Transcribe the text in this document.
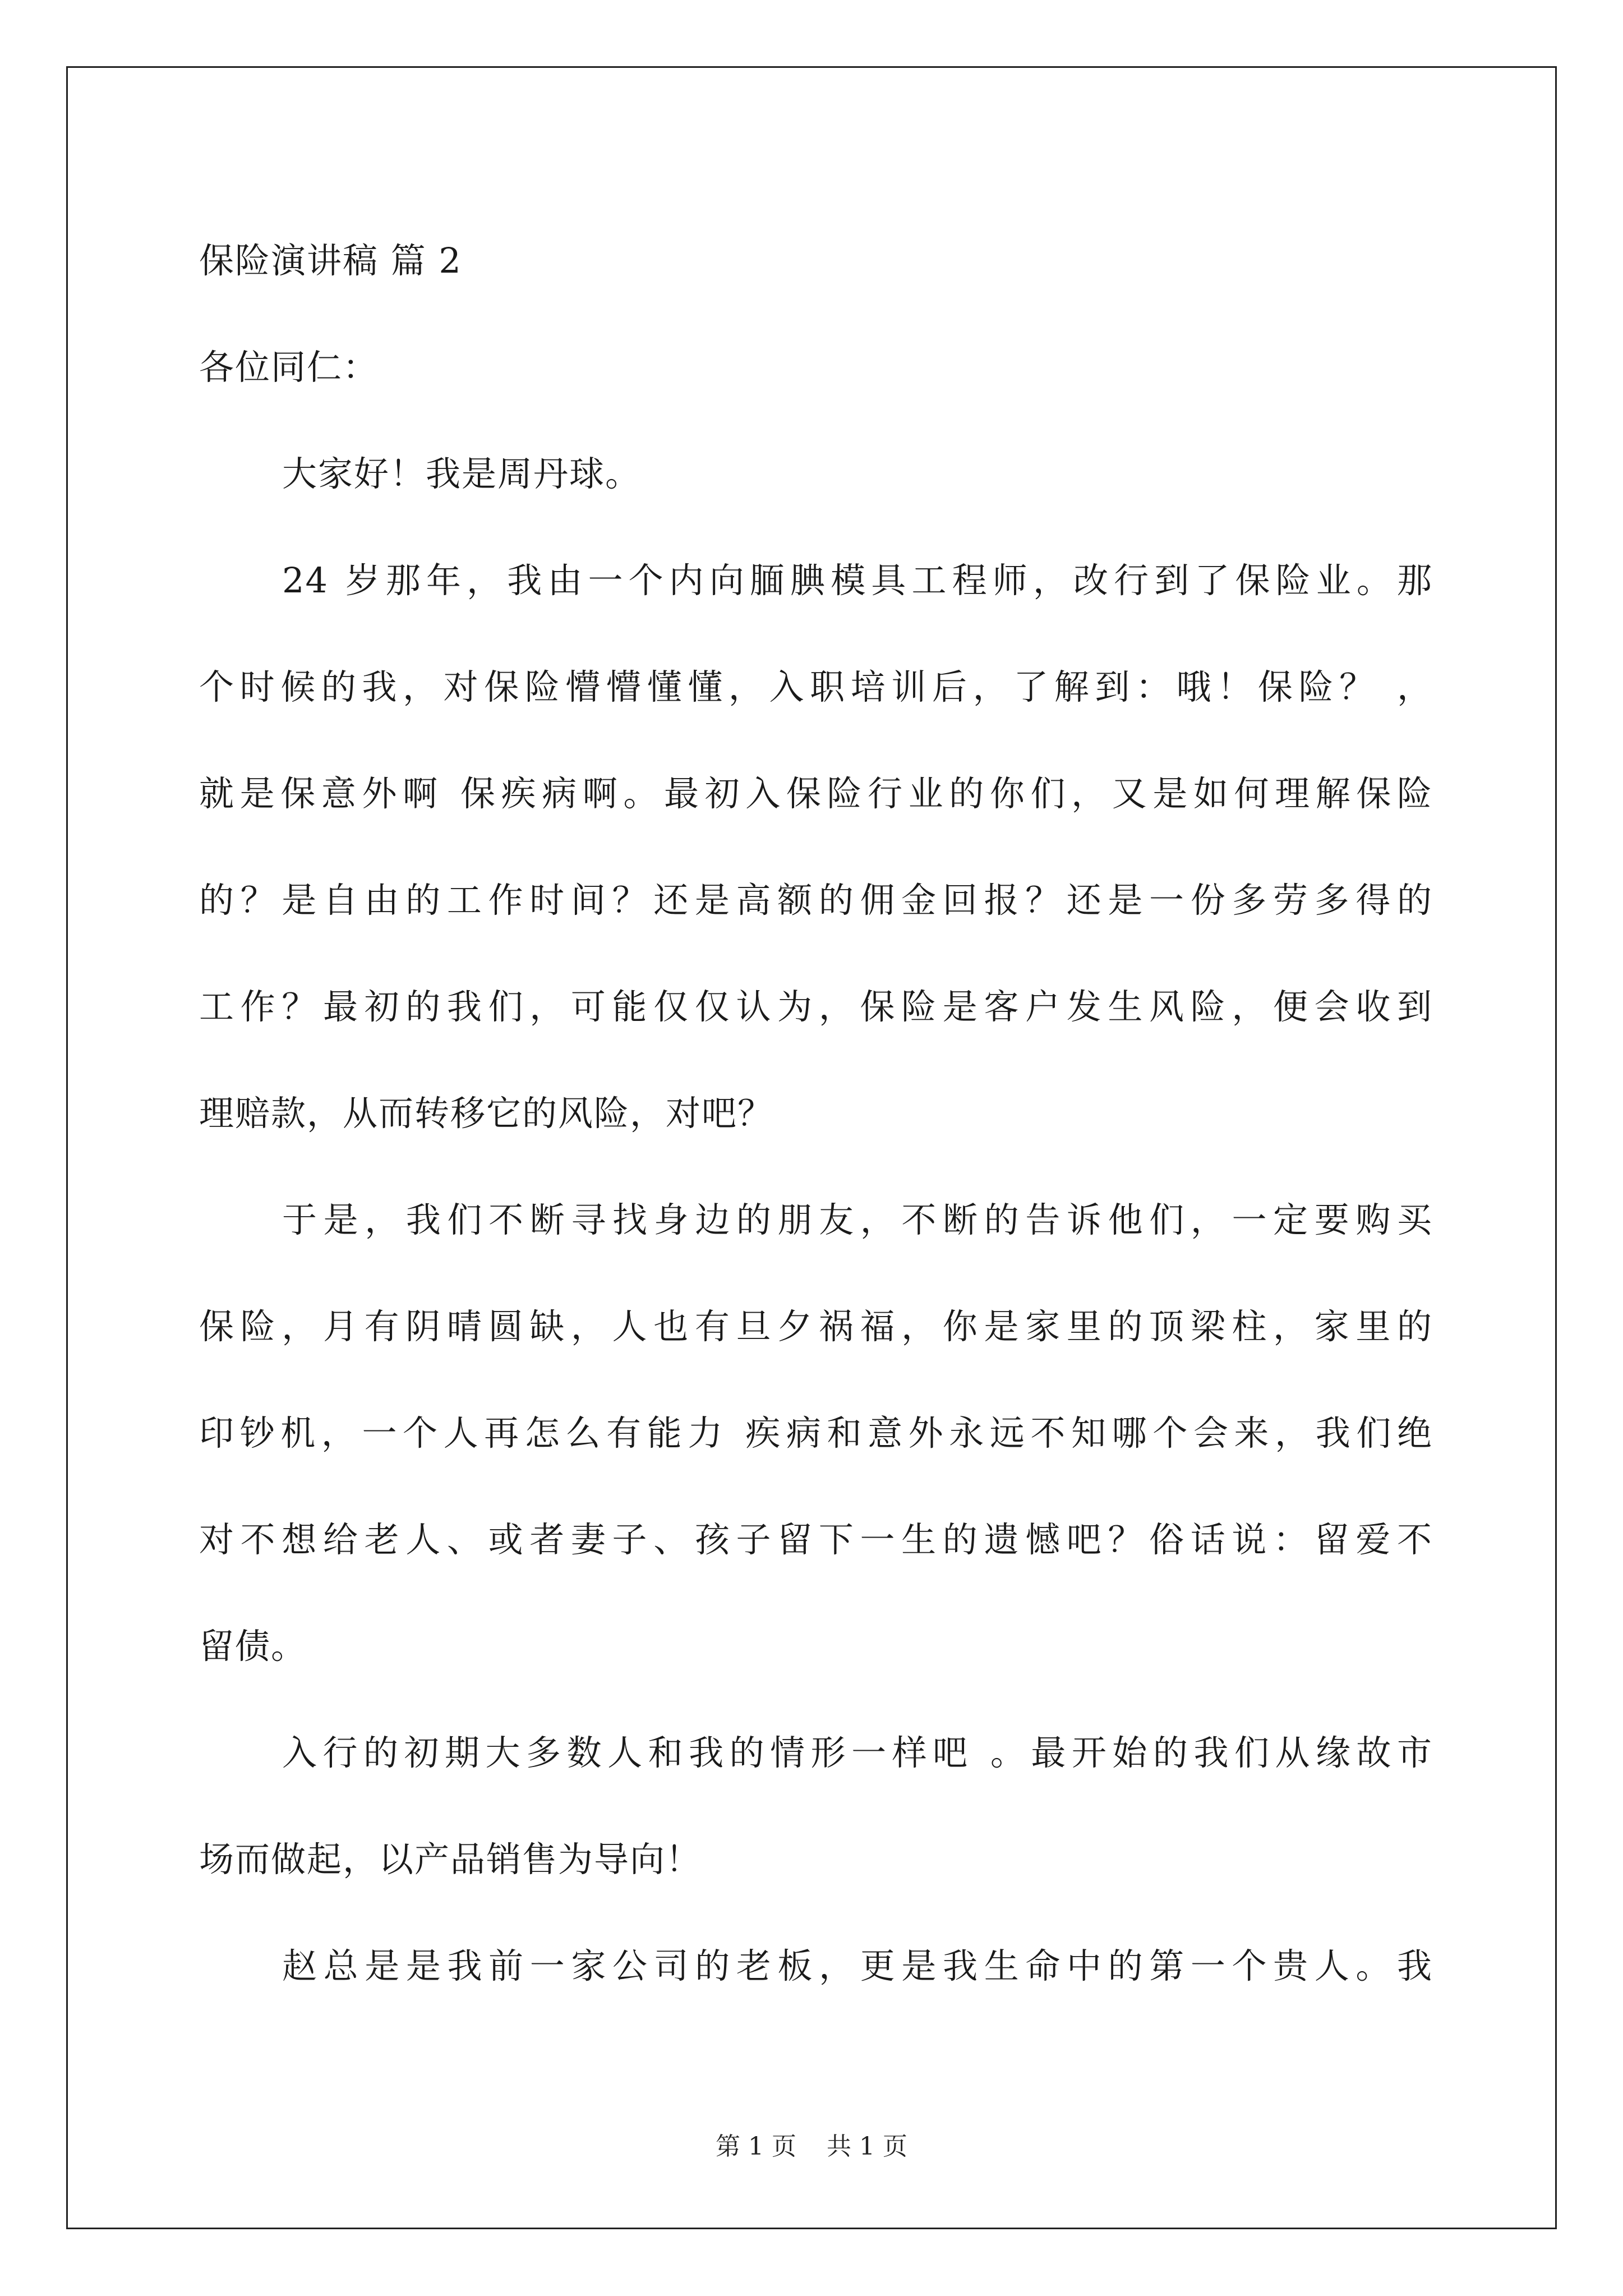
保险演讲稿 篇 2
各位同仁：
大家好！我是周丹球。
24 岁那年，我由一个内向腼腆模具工程师，改行到了保险业。那
个时候的我，对保险懵懵懂懂，入职培训后，了解到：哦！保险？ ，
就是保意外啊 保疾病啊。最初入保险行业的你们，又是如何理解保险
的？是自由的工作时间？还是高额的佣金回报？还是一份多劳多得的
工作？最初的我们，可能仅仅认为，保险是客户发生风险，便会收到
理赔款，从而转移它的风险，对吧？
于是，我们不断寻找身边的朋友，不断的告诉他们，一定要购买
保险，月有阴晴圆缺，人也有旦夕祸福，你是家里的顶梁柱，家里的
印钞机，一个人再怎么有能力 疾病和意外永远不知哪个会来，我们绝
对不想给老人、或者妻子、孩子留下一生的遗憾吧？俗话说：留爱不
留债。
入行的初期大多数人和我的情形一样吧 。最开始的我们从缘故市
场而做起，以产品销售为导向！
赵总是是我前一家公司的老板，更是我生命中的第一个贵人。我
第 1 页 共 1 页
